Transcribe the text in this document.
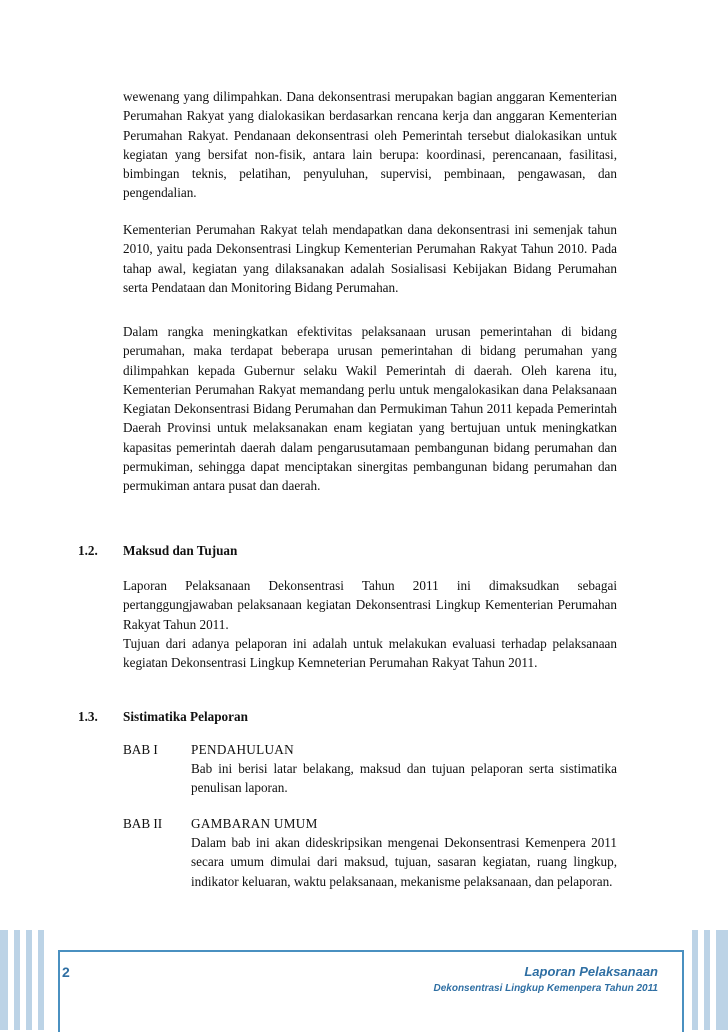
wewenang yang dilimpahkan. Dana dekonsentrasi merupakan bagian anggaran Kementerian Perumahan Rakyat yang dialokasikan berdasarkan rencana kerja dan anggaran Kementerian Perumahan Rakyat. Pendanaan dekonsentrasi oleh Pemerintah tersebut dialokasikan untuk kegiatan yang bersifat non-fisik, antara lain berupa: koordinasi, perencanaan, fasilitasi, bimbingan teknis, pelatihan, penyuluhan, supervisi, pembinaan, pengawasan, dan pengendalian.

Kementerian Perumahan Rakyat telah mendapatkan dana dekonsentrasi ini semenjak tahun 2010, yaitu pada Dekonsentrasi Lingkup Kementerian Perumahan Rakyat Tahun 2010. Pada tahap awal, kegiatan yang dilaksanakan adalah Sosialisasi Kebijakan Bidang Perumahan serta Pendataan dan Monitoring Bidang Perumahan.

Dalam rangka meningkatkan efektivitas pelaksanaan urusan pemerintahan di bidang perumahan, maka terdapat beberapa urusan pemerintahan di bidang perumahan yang dilimpahkan kepada Gubernur selaku Wakil Pemerintah di daerah. Oleh karena itu, Kementerian Perumahan Rakyat memandang perlu untuk mengalokasikan dana Pelaksanaan Kegiatan Dekonsentrasi Bidang Perumahan dan Permukiman Tahun 2011 kepada Pemerintah Daerah Provinsi untuk melaksanakan enam kegiatan yang bertujuan untuk meningkatkan kapasitas pemerintah daerah dalam pengarusutamaan pembangunan bidang perumahan dan permukiman, sehingga dapat menciptakan sinergitas pembangunan bidang perumahan dan permukiman antara pusat dan daerah.

1.2. Maksud dan Tujuan

Laporan Pelaksanaan Dekonsentrasi Tahun 2011 ini dimaksudkan sebagai pertanggungjawaban pelaksanaan kegiatan Dekonsentrasi Lingkup Kementerian Perumahan Rakyat Tahun 2011.

Tujuan dari adanya pelaporan ini adalah untuk melakukan evaluasi terhadap pelaksanaan kegiatan Dekonsentrasi Lingkup Kemneterian Perumahan Rakyat Tahun 2011.

1.3. Sistimatika Pelaporan
BAB I	PENDAHULUAN

Bab ini berisi latar belakang, maksud dan tujuan pelaporan serta sistimatika penulisan laporan.

BAB II GAMBARAN UMUM

Dalam bab ini akan dideskripsikan mengenai Dekonsentrasi Kemenpera 2011 secara umum dimulai dari maksud, tujuan, sasaran kegiatan, ruang lingkup, indikator keluaran, waktu pelaksanaan, mekanisme pelaksanaan, dan pelaporan.

2	Laporan Pelaksanaan
Dekonsentrasi Lingkup Kemenpera Tahun 2011
